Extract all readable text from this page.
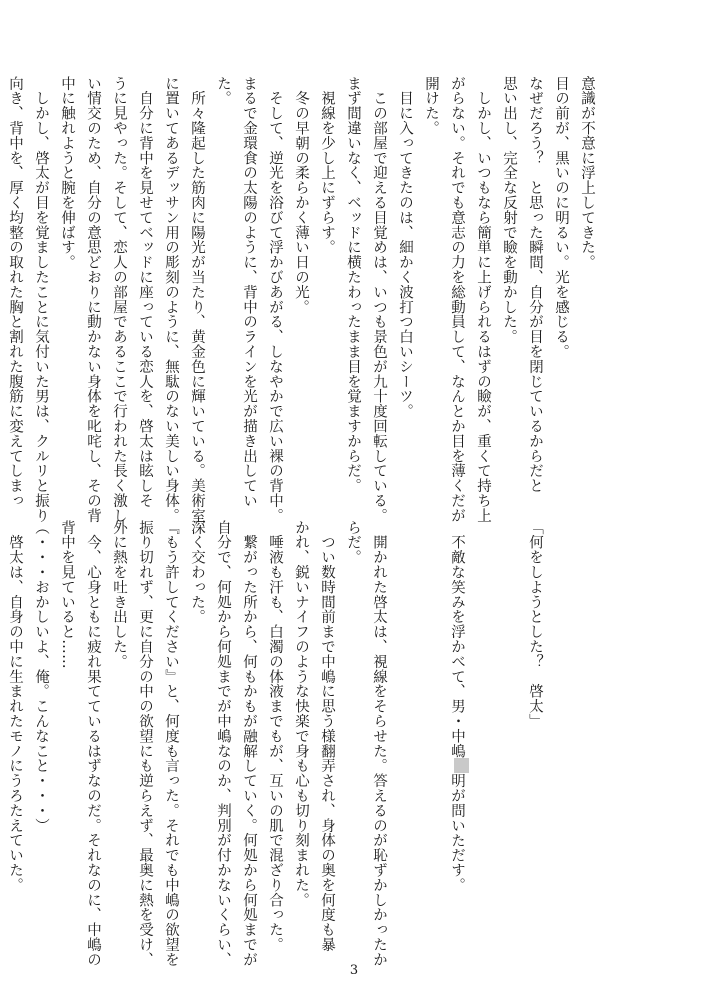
意識が不意に浮上してきた。
目の前が、黒いのに明るい。光を感じる。
なぜだろう？　と思った瞬間、自分が目を閉じているからだと
思い出し、完全な反射で瞼を動かした。
　しかし、いつもなら簡単に上げられるはずの瞼が、重くて持ち上
がらない。それでも意志の力を総動員して、なんとか目を薄くだが
開けた。
　目に入ってきたのは、細かく波打つ白いシーツ。
　この部屋で迎える目覚めは、いつも景色が九十度回転している。
まず間違いなく、ベッドに横たわったまま目を覚ますからだ。
　視線を少し上にずらす。
　冬の早朝の柔らかく薄い日の光。
　そして、逆光を浴びて浮かびあがる、しなやかで広い裸の背中。
まるで金環食の太陽のように、背中のラインを光が描き出してい
た。
　所々隆起した筋肉に陽光が当たり、黄金色に輝いている。美術室
に置いてあるデッサン用の彫刻のように、無駄のない美しい身体。
　自分に背中を見せてベッドに座っている恋人を、啓太は眩しそ
うに見やった。そして、恋人の部屋であるここで行われた長く激し
い情交のため、自分の意思どおりに動かない身体を叱咤し、その背
中に触れようと腕を伸ばす。
　しかし、啓太が目を覚ましたことに気付いた男は、クルリと振り
向き、背中を、厚く均整の取れた胸と割れた腹筋に変えてしまっ

「何をしようとした？　啓太」

　不敵な笑みを浮かべて、男・中嶋明が問いただす。

　開かれた啓太は、視線をそらせた。答えるのが恥ずかしかったか
らだ。
　つい数時間前まで中嶋に思う様翻弄され、身体の奥を何度も暴
かれ、鋭いナイフのような快楽で身も心も切り刻まれた。
　唾液も汗も、白濁の体液までもが、互いの肌で混ざり合った。
　繋がった所から、何もかもが融解していく。何処から何処までが
自分で、何処から何処までが中嶋なのか、判別が付かないくらい、
深く交わった。
『もう許してください』と、何度も言った。それでも中嶋の欲望を
振り切れず、更に自分の中の欲望にも逆らえず、最奥に熱を受け、
外に熱を吐き出した。
　今、心身ともに疲れ果てているはずなのだ。それなのに、中嶋の
背中を見ていると……
（・・・おかしいよ、俺。こんなこと・・・）
　啓太は、自身の中に生まれたモノにうろたえていた。

3
